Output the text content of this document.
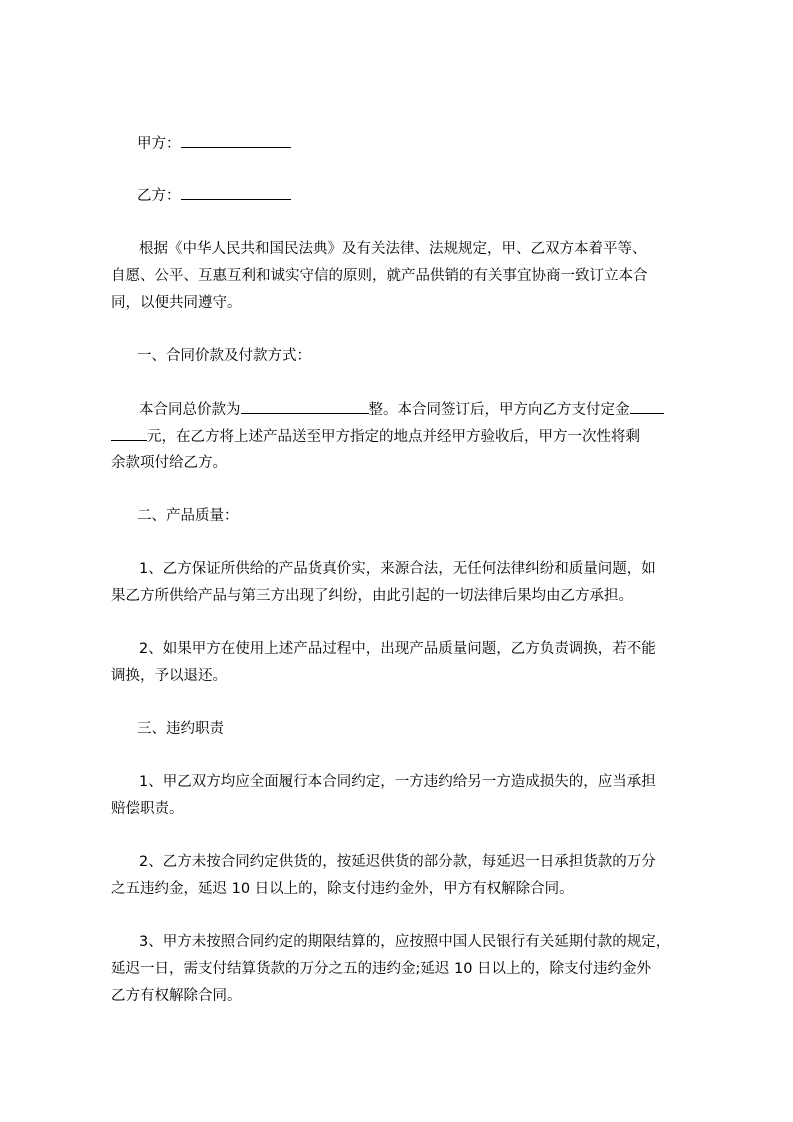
甲方：
乙方：
根据《中华人民共和国民法典》及有关法律、法规规定，甲、乙双方本着平等、
自愿、公平、互惠互利和诚实守信的原则，就产品供销的有关事宜协商一致订立本合
同，以便共同遵守。
一、合同价款及付款方式：
本合同总价款为	整。本合同签订后，甲方向乙方支付定金
元，在乙方将上述产品送至甲方指定的地点并经甲方验收后，甲方一次性将剩
余款项付给乙方。
二、产品质量：
1、乙方保证所供给的产品货真价实，来源合法，无任何法律纠纷和质量问题，如
果乙方所供给产品与第三方出现了纠纷，由此引起的一切法律后果均由乙方承担。
2、如果甲方在使用上述产品过程中，出现产品质量问题，乙方负责调换，若不能
调换，予以退还。
三、违约职责
1、甲乙双方均应全面履行本合同约定，一方违约给另一方造成损失的，应当承担
赔偿职责。
2、乙方未按合同约定供货的，按延迟供货的部分款，每延迟一日承担货款的万分
之五违约金，延迟 10 日以上的，除支付违约金外，甲方有权解除合同。
3、甲方未按照合同约定的期限结算的，应按照中国人民银行有关延期付款的规定，
延迟一日，需支付结算货款的万分之五的违约金;延迟 10 日以上的，除支付违约金外
乙方有权解除合同。
